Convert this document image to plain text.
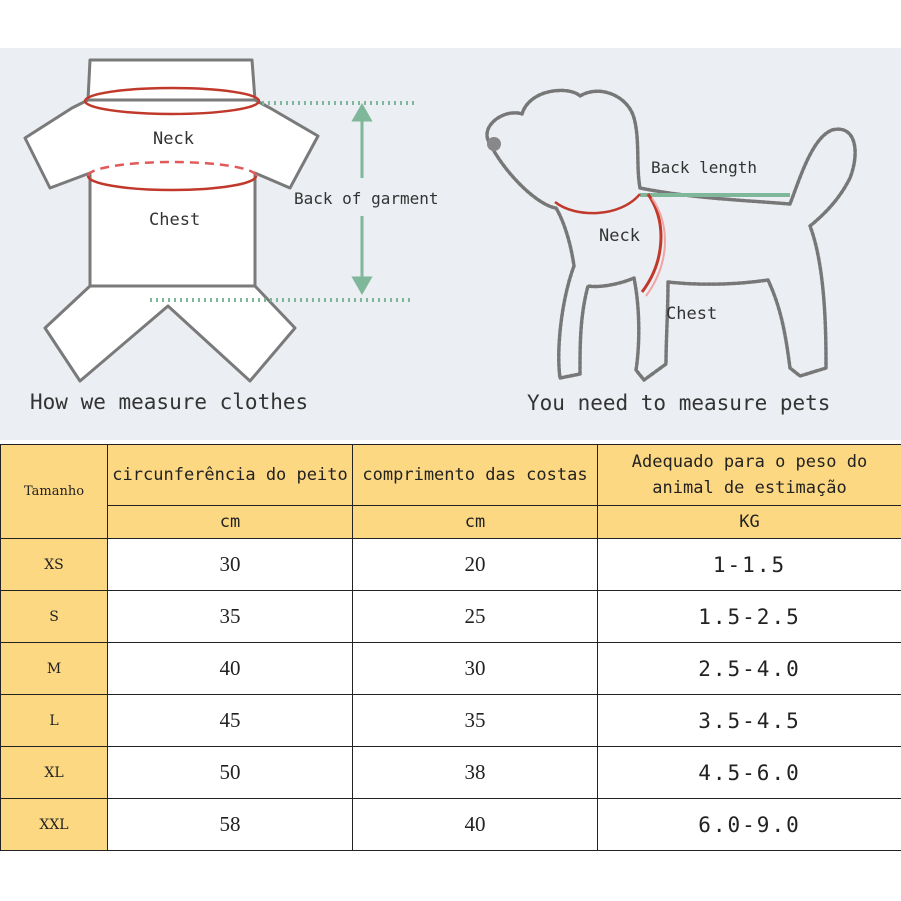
Neck
Chest
Back of garment
How we measure clothes
Back length
Neck
Chest
You need to measure pets
Tamanho	circunferência do peito	comprimento das costas	Adequado para o peso do animal de estimação
	cm	cm	KG
XS	30	20	1-1.5
S	35	25	1.5-2.5
M	40	30	2.5-4.0
L	45	35	3.5-4.5
XL	50	38	4.5-6.0
XXL	58	40	6.0-9.0
